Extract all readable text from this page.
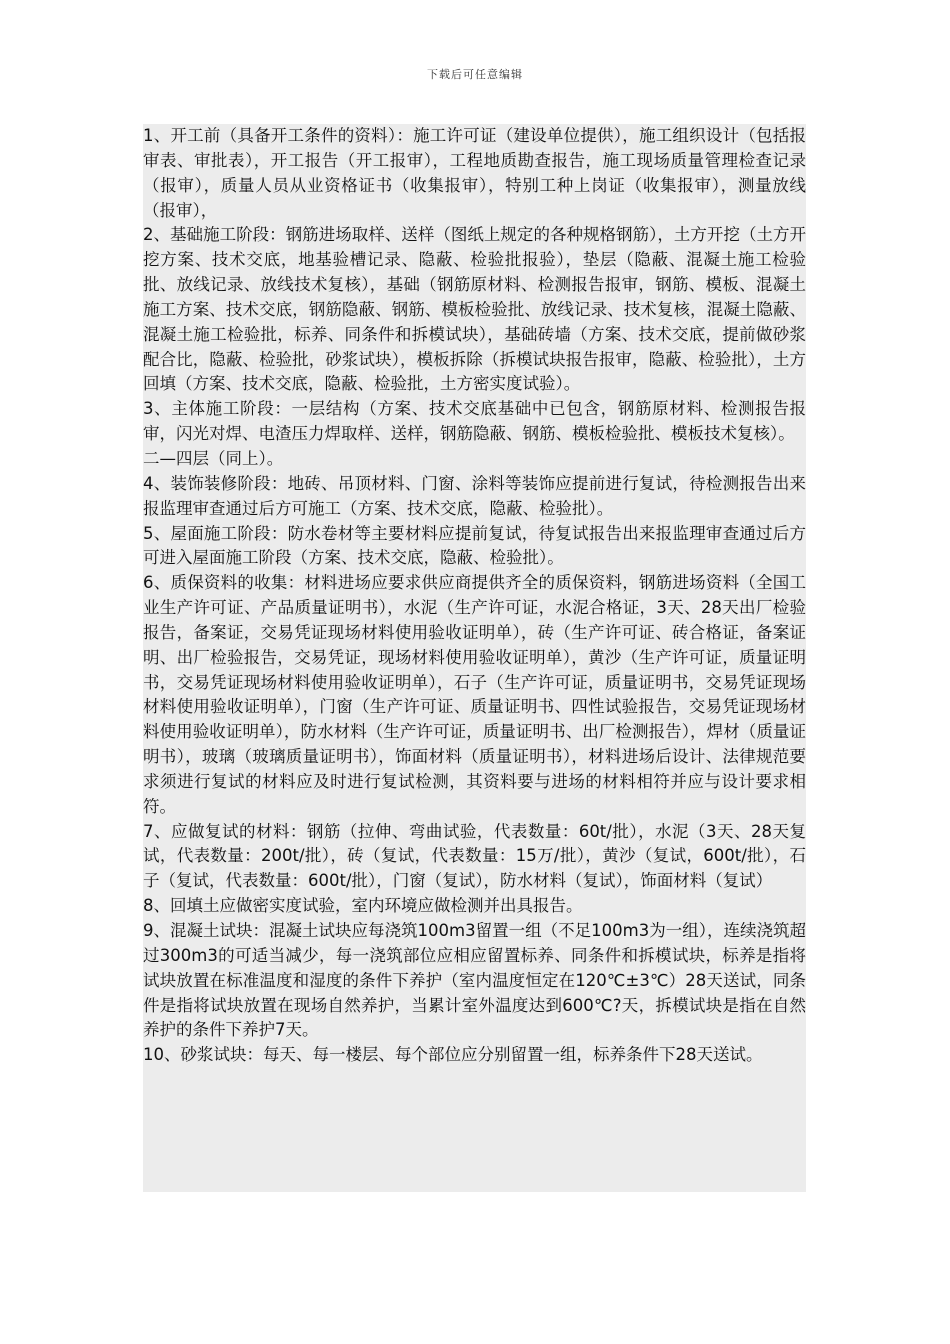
下载后可任意编辑

1、开工前（具备开工条件的资料）：施工许可证（建设单位提供），施工组织设计（包括报审表、审批表），开工报告（开工报审），工程地质勘查报告，施工现场质量管理检查记录（报审），质量人员从业资格证书（收集报审），特别工种上岗证（收集报审），测量放线（报审），

2、基础施工阶段：钢筋进场取样、送样（图纸上规定的各种规格钢筋），土方开挖（土方开挖方案、技术交底，地基验槽记录、隐蔽、检验批报验），垫层（隐蔽、混凝土施工检验批、放线记录、放线技术复核），基础（钢筋原材料、检测报告报审，钢筋、模板、混凝土施工方案、技术交底，钢筋隐蔽、钢筋、模板检验批、放线记录、技术复核，混凝土隐蔽、混凝土施工检验批，标养、同条件和拆模试块），基础砖墙（方案、技术交底，提前做砂浆配合比，隐蔽、检验批，砂浆试块），模板拆除（拆模试块报告报审，隐蔽、检验批），土方回填（方案、技术交底，隐蔽、检验批，土方密实度试验）。

3、主体施工阶段：一层结构（方案、技术交底基础中已包含，钢筋原材料、检测报告报审，闪光对焊、电渣压力焊取样、送样，钢筋隐蔽、钢筋、模板检验批、模板技术复核）。

二—四层（同上）。

4、装饰装修阶段：地砖、吊顶材料、门窗、涂料等装饰应提前进行复试，待检测报告出来报监理审查通过后方可施工（方案、技术交底，隐蔽、检验批）。

5、屋面施工阶段：防水卷材等主要材料应提前复试，待复试报告出来报监理审查通过后方可进入屋面施工阶段（方案、技术交底，隐蔽、检验批）。

6、质保资料的收集：材料进场应要求供应商提供齐全的质保资料，钢筋进场资料（全国工业生产许可证、产品质量证明书），水泥（生产许可证，水泥合格证，3天、28天出厂检验报告，备案证，交易凭证现场材料使用验收证明单），砖（生产许可证、砖合格证，备案证明、出厂检验报告，交易凭证，现场材料使用验收证明单），黄沙（生产许可证，质量证明书，交易凭证现场材料使用验收证明单），石子（生产许可证，质量证明书，交易凭证现场材料使用验收证明单），门窗（生产许可证、质量证明书、四性试验报告，交易凭证现场材料使用验收证明单），防水材料（生产许可证，质量证明书、出厂检测报告），焊材（质量证明书），玻璃（玻璃质量证明书），饰面材料（质量证明书），材料进场后设计、法律规范要求须进行复试的材料应及时进行复试检测，其资料要与进场的材料相符并应与设计要求相符。

7、应做复试的材料：钢筋（拉伸、弯曲试验，代表数量：60t/批），水泥（3天、28天复试，代表数量：200t/批），砖（复试，代表数量：15万/批），黄沙（复试，600t/批），石子（复试，代表数量：600t/批），门窗（复试），防水材料（复试），饰面材料（复试）

8、回填土应做密实度试验，室内环境应做检测并出具报告。

9、混凝土试块：混凝土试块应每浇筑100m3留置一组（不足100m3为一组），连续浇筑超过300m3的可适当减少，每一浇筑部位应相应留置标养、同条件和拆模试块，标养是指将试块放置在标准温度和湿度的条件下养护（室内温度恒定在120℃±3℃）28天送试，同条件是指将试块放置在现场自然养护，当累计室外温度达到600℃?天，拆模试块是指在自然养护的条件下养护7天。

10、砂浆试块：每天、每一楼层、每个部位应分别留置一组，标养条件下28天送试。
